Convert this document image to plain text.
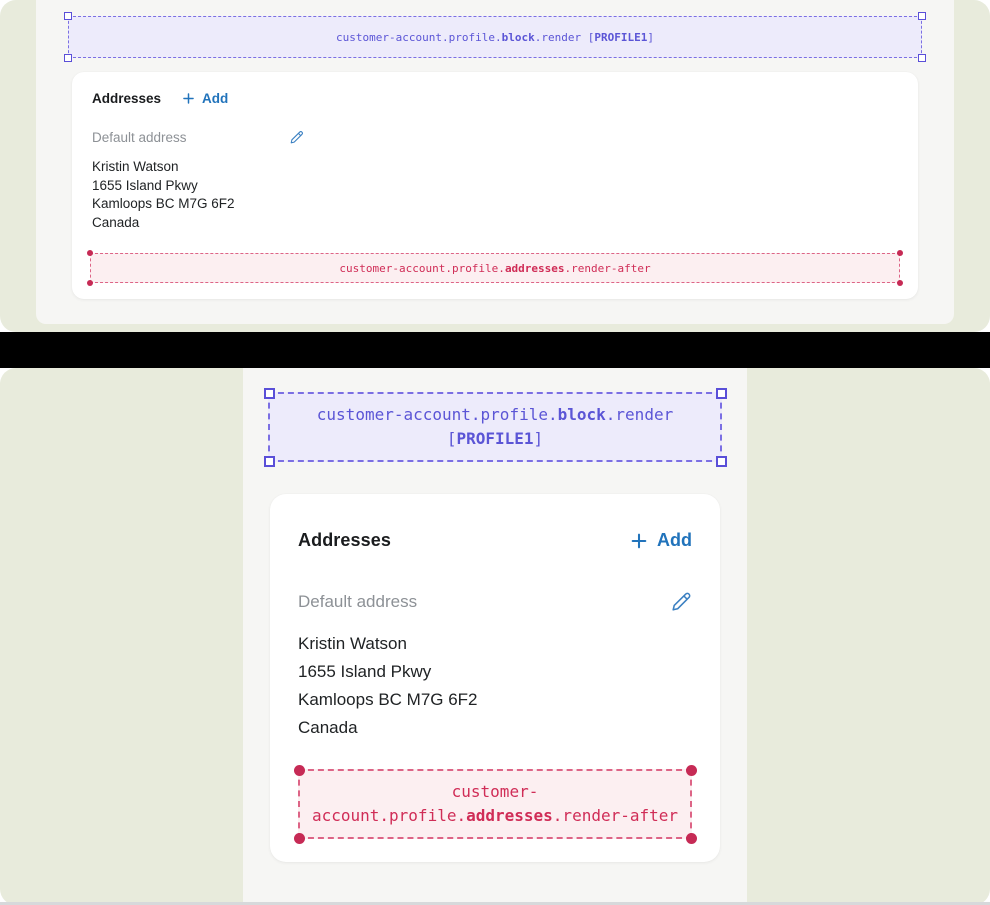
customer-account.profile.block.render [PROFILE1]
Addresses	Add
Default address
Kristin Watson
1655 Island Pkwy
Kamloops BC M7G 6F2
Canada
customer-account.profile.addresses.render-after
customer-account.profile.block.render [PROFILE1]
Addresses	Add
Default address
Kristin Watson
1655 Island Pkwy
Kamloops BC M7G 6F2
Canada
customer-account.profile.addresses.render-after
